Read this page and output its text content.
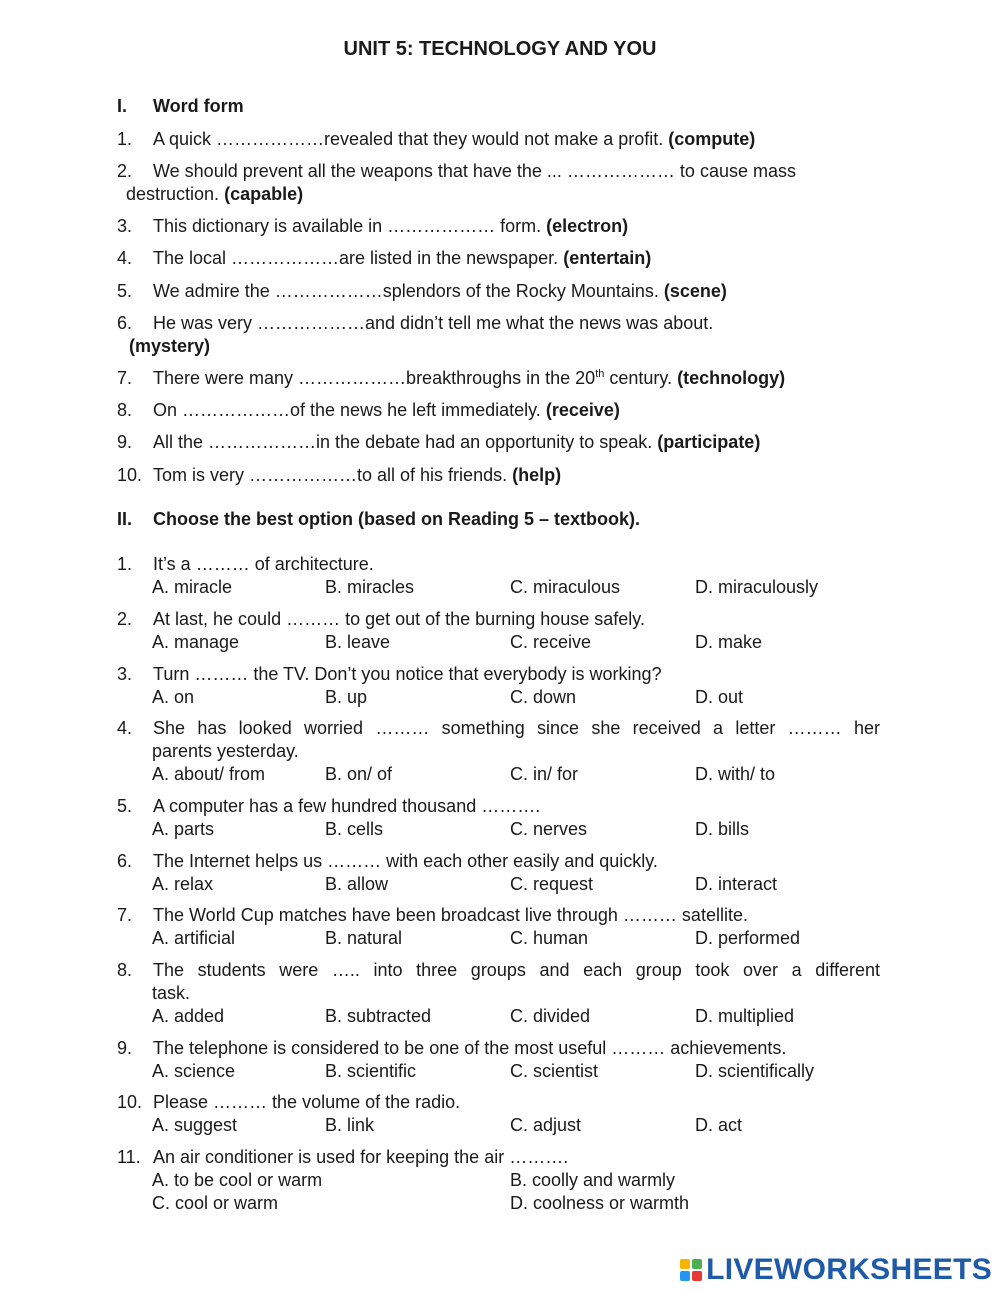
UNIT 5: TECHNOLOGY AND YOU
I. Word form
1. A quick ………………revealed that they would not make a profit. (compute)
2. We should prevent all the weapons that have the ... ……………… to cause mass
destruction. (capable)
3. This dictionary is available in ……………… form. (electron)
4. The local ………………are listed in the newspaper. (entertain)
5. We admire the ………………splendors of the Rocky Mountains. (scene)
6. He was very ………………and didn’t tell me what the news was about.
(mystery)
7. There were many ………………breakthroughs in the 20th century. (technology)
8. On ………………of the news he left immediately. (receive)
9. All the ………………in the debate had an opportunity to speak. (participate)
10. Tom is very ………………to all of his friends. (help)
II. Choose the best option (based on Reading 5 – textbook).
1. It’s a ……… of architecture.
A. miracle	B. miracles	C. miraculous	D. miraculously
2. At last, he could ……… to get out of the burning house safely.
A. manage	B. leave	C. receive	D. make
3. Turn ……… the TV. Don’t you notice that everybody is working?
A. on	B. up	C. down	D. out
4. She has looked worried ……… something since she received a letter ……… her
parents yesterday.
A. about/ from	B. on/ of	C. in/ for	D. with/ to
5. A computer has a few hundred thousand ……….
A. parts	B. cells	C. nerves	D. bills
6. The Internet helps us ……… with each other easily and quickly.
A. relax	B. allow	C. request	D. interact
7. The World Cup matches have been broadcast live through ……… satellite.
A. artificial	B. natural	C. human	D. performed
8. The students were ….. into three groups and each group took over a different
task.
A. added	B. subtracted	C. divided	D. multiplied
9. The telephone is considered to be one of the most useful ……… achievements.
A. science	B. scientific	C. scientist	D. scientifically
10. Please ……… the volume of the radio.
A. suggest	B. link	C. adjust	D. act
11. An air conditioner is used for keeping the air ……….
A. to be cool or warm	B. coolly and warmly
C. cool or warm	D. coolness or warmth
LIVEWORKSHEETS
